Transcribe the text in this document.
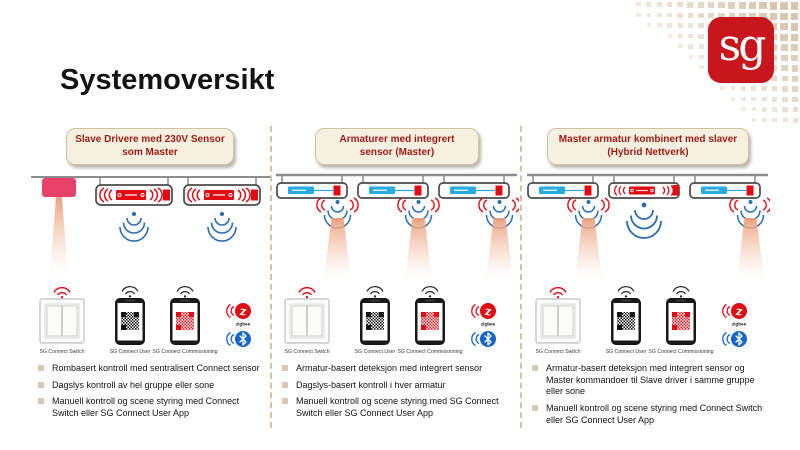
sg
Systemoversikt
Slave Drivere med 230V Sensor som Master
SG Connect Switch	SG Connect User SG Connect Commissioning
z
zigbee
Rombasert kontroll med sentralisert Connect sensor
Dagslys kontroll av hel gruppe eller sone
Manuell kontroll og scene styring med Connect Switch eller SG Connect User App
Armaturer med integrert sensor (Master)
Armatur-basert deteksjon med integrert sensor
Dagslys-basert kontroll i hver armatur
Manuell kontroll og scene styring med SG Connect Switch eller SG Connect User App
Master armatur kombinert med slaver (Hybrid Nettverk)
Armatur-basert deteksjon med integrert sensor og Master kommandoer til Slave driver i samme gruppe eller sone
Manuell kontroll og scene styring med Connect Switch eller SG Connect User App
